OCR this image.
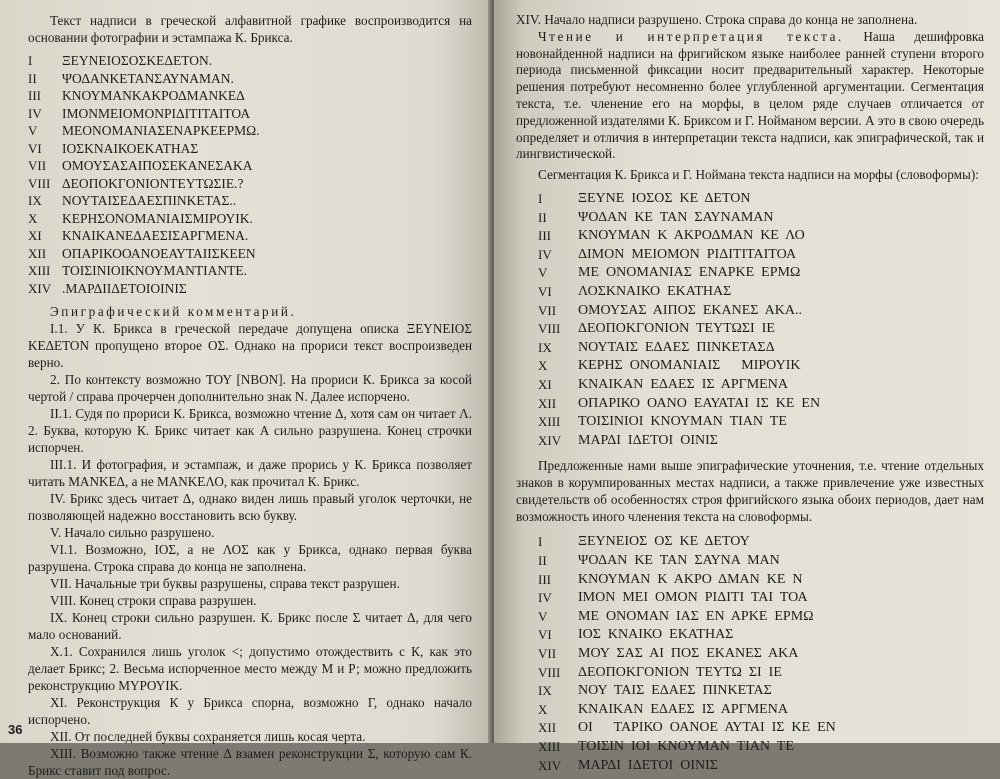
Текст надписи в греческой алфавитной графике воспроизводится на основании фотографии и эстампажа К. Брикса.

I	ΞΕΥΝΕΙΟΣΟΣΚΕΔΕΤΟΝ.
II	ΨΟΔΑΝΚΕΤΑΝΣΑΥΝΑΜΑΝ.
III	ΚΝΟΥΜΑΝΚΑΚΡΟΔΜΑΝΚΕΔ
IV	ΙΜΟΝΜΕΙΟΜΟΝΡΙΔΙΤΙΤΑΙΤΟΑ
V	ΜΕΟΝΟΜΑΝΙΑΣΕΝΑΡΚΕΕΡΜΩ.
VI	ΙΟΣΚΝΑΙΚΟΕΚΑΤΗΑΣ
VII	ΟΜΟΥΣΑΣΑΙΠΟΣΕΚΑΝΕΣΑΚΑ
VIII ΔΕΟΠΟΚΓΟΝΙΟΝΤΕΥΤΩΣΙΕ.?
IX	ΝΟΥΤΑΙΣΕΔΑΕΣΠΙΝΚΕΤΑΣ..
X	ΚΕΡΗΣΟΝΟΜΑΝΙΑΙΣΜΙΡΟΥΙΚ.
XI	ΚΝΑΙΚΑΝΕΔΑΕΣΙΣΑΡΓΜΕΝΑ.
XII	ΟΠΑΡΙΚΟΟΑΝΟΕΑΥΤΑΙΙΣΚΕΕΝ
XIII ΤΟΙΣΙΝΙΟΙΚΝΟΥΜΑΝΤΙΑΝΤΕ.
XIV .ΜΑΡΔΙΙΔΕΤΟΙΟΙΝΙΣ

Эпиграфический комментарий.

I.1. У К. Брикса в греческой передаче допущена описка ΞΕΥΝΕΙΟΣ ΚΕΔΕΤΟΝ пропущено второе ΟΣ. Однако на прориси текст воспроизведен верно.

2. По контексту возможно ΤΟΥ [ΝΒΟΝ]. На прориси К. Брикса за косой чертой / справа прочерчен дополнительно знак Ν. Далее испорчено.

II.1. Судя по прориси К. Брикса, возможно чтение Δ, хотя сам он читает Λ. 2. Буква, которую К. Брикс читает как Α сильно разрушена. Конец строчки испорчен.

III.1. И фотография, и эстампаж, и даже прорись у К. Брикса позволяет читать ΜΑΝΚΕΔ, а не ΜΑΝΚΕΛΟ, как прочитал К. Брикс.

IV. Брикс здесь читает Δ, однако виден лишь правый уголок черточки, не позволяющей надежно восстановить всю букву.

V. Начало сильно разрушено.

VI.1. Возможно, ΙΟΣ, а не ΛΟΣ как у Брикса, однако первая буква разрушена. Строка справа до конца не заполнена.

VII. Начальные три буквы разрушены, справа текст разрушен.

VIII. Конец строки справа разрушен.

IX. Конец строки сильно разрушен. К. Брикс после Σ читает Δ, для чего мало оснований.

X.1. Сохранился лишь уголок <; допустимо отождествить с К, как это делает Брикс; 2. Весьма испорченное место между М и Р; можно предложить реконструкцию ΜΥΡΟΥΙΚ.

XI. Реконструкция К у Брикса спорна, возможно Г, однако начало испорчено.

XII. От последней буквы сохраняется лишь косая черта.

XIII. Возможно также чтение Δ взамен реконструкции Σ, которую сам К. Брикс ставит под вопрос.

36

XIV. Начало надписи разрушено. Строка справа до конца не заполнена.

Чтение и интерпретация текста. Наша дешифровка новонайденной надписи на фригийском языке наиболее ранней ступени второго периода письменной фиксации носит предварительный характер. Некоторые решения потребуют несомненно более углубленной аргументации. Сегментация текста, т.е. членение его на морфы, в целом ряде случаев отличается от предложенной издателями К. Бриксом и Г. Нойманом версии. А это в свою очередь определяет и отличия в интерпретации текста надписи, как эпиграфической, так и лингвистической.

Сегментация К. Брикса и Г. Ноймана текста надписи на морфы (словоформы):

I	ΞΕΥΝΕ  ΙΟΣΟΣ  ΚΕ  ΔΕΤΟΝ
II	ΨΟΔΑΝ  ΚΕ  ΤΑΝ  ΣΑΥΝΑΜΑΝ
III	ΚΝΟΥΜΑΝ  Κ  ΑΚΡΟΔΜΑΝ  ΚΕ  ΛΟ
IV	ΔΙΜΟΝ  ΜΕΙΟΜΟΝ  ΡΙΔΙΤΙΤΑΙΤΟΑ
V	ΜΕ  ΟΝΟΜΑΝΙΑΣ  ΕΝΑΡΚΕ  ΕΡΜΩ
VI	ΛΟΣΚΝΑΙΚΟ  ΕΚΑΤΗΑΣ
VII	ΟΜΟΥΣΑΣ  ΑΙΠΟΣ  ΕΚΑΝΕΣ  ΑΚΑ..
VIII	ΔΕΟΠΟΚΓΟΝΙΟΝ  ΤΕΥΤΩΣΙ  ΙΕ
IX	ΝΟΥΤΑΙΣ  ΕΔΑΕΣ  ΠΙΝΚΕΤΑΣΔ
X	ΚΕΡΗΣ  ΟΝΟΜΑΝΙΑΙΣ      ΜΙΡΟΥΙΚ
XI	ΚΝΑΙΚΑΝ  ΕΔΑΕΣ  ΙΣ  ΑΡΓΜΕΝΑ
XII	ΟΠΑΡΙΚΟ  ΟΑΝΟ  ΕΑΥΑΤΑΙ  ΙΣ  ΚΕ  ΕΝ
XIII	ΤΟΙΣΙΝΙΟΙ  ΚΝΟΥΜΑΝ  ΤΙΑΝ  ΤΕ
XIV	ΜΑΡΔΙ  ΙΔΕΤΟΙ  ΟΙΝΙΣ

Предложенные нами выше эпиграфические уточнения, т.е. чтение отдельных знаков в корумпированных местах надписи, а также привлечение уже известных свидетельств об особенностях строя фригийского языка обоих периодов, дает нам возможность иного членения текста на словоформы.

I	ΞΕΥΝΕΙΟΣ  ΟΣ  ΚΕ  ΔΕΤΟΥ
II	ΨΟΔΑΝ  ΚΕ  ΤΑΝ  ΣΑΥΝΑ  ΜΑΝ
III	ΚΝΟΥΜΑΝ  Κ  ΑΚΡΟ  ΔΜΑΝ  ΚΕ  Ν
IV	ΙΜΟΝ  ΜΕΙ  ΟΜΟΝ  ΡΙΔΙΤΙ  ΤΑΙ  ΤΟΑ
V	ΜΕ  ΟΝΟΜΑΝ  ΙΑΣ  ΕΝ  ΑΡΚΕ  ΕΡΜΩ
VI	ΙΟΣ  ΚΝΑΙΚΟ  ΕΚΑΤΗΑΣ
VII	ΜΟΥ  ΣΑΣ  ΑΙ  ΠΟΣ  ΕΚΑΝΕΣ  ΑΚΑ
VIII	ΔΕΟΠΟΚΓΟΝΙΟΝ  ΤΕΥΤΩ  ΣΙ  ΙΕ
IX	ΝΟΥ  ΤΑΙΣ  ΕΔΑΕΣ  ΠΙΝΚΕΤΑΣ
X	ΚΝΑΙΚΑΝ  ΕΔΑΕΣ  ΙΣ  ΑΡΓΜΕΝΑ
XII	ΟΙ      ΤΑΡΙΚΟ  ΟΑΝΟΕ  ΑΥΤΑΙ  ΙΣ  ΚΕ  ΕΝ
XIII	ΤΟΙΣΙΝ  ΙΟΙ  ΚΝΟΥΜΑΝ  ΤΙΑΝ  ΤΕ
XIV	ΜΑΡΔΙ  ΙΔΕΤΟΙ  ΟΙΝΙΣ
